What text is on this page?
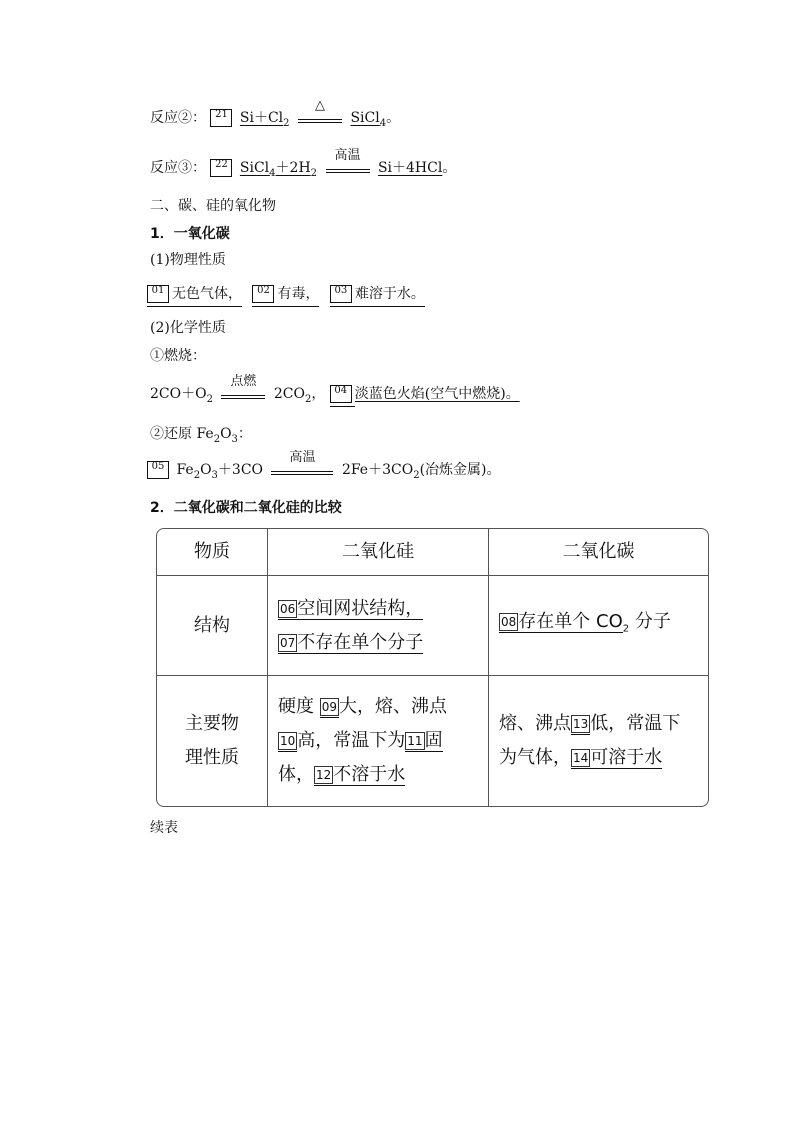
反应②： 21 $Si+Cl_2$
△
SiCl$_4$。
反应③： 22 $SiCl_4+2H_2$
高温
Si＋4HCl。
二、碳、硅的氧化物
1．一氧化碳
(1)物理性质
01 无色气体， 02 有毒， 03 难溶于水。
(2)化学性质
①燃烧：
$2CO+O_2$
点燃
$2CO_2$， 04 淡蓝色火焰(空气中燃烧)。
②还原 $Fe_2O_3$：
05 $Fe_2O_3+3CO$
高温
$2Fe+3CO_2$(冶炼金属)。
2．二氧化碳和二氧化硅的比较
物质	二氧化硅	二氧化碳
结构	06 空间网状结构，
07 不存在单个分子	08 存在单个 $CO_2$ 分子
主要物
理性质	硬度 09 大，熔、沸点
10 高，常温下为 11 固
体， 12 不溶于水	熔、沸点 13 低，常温下
为气体， 14 可溶于水
续表
